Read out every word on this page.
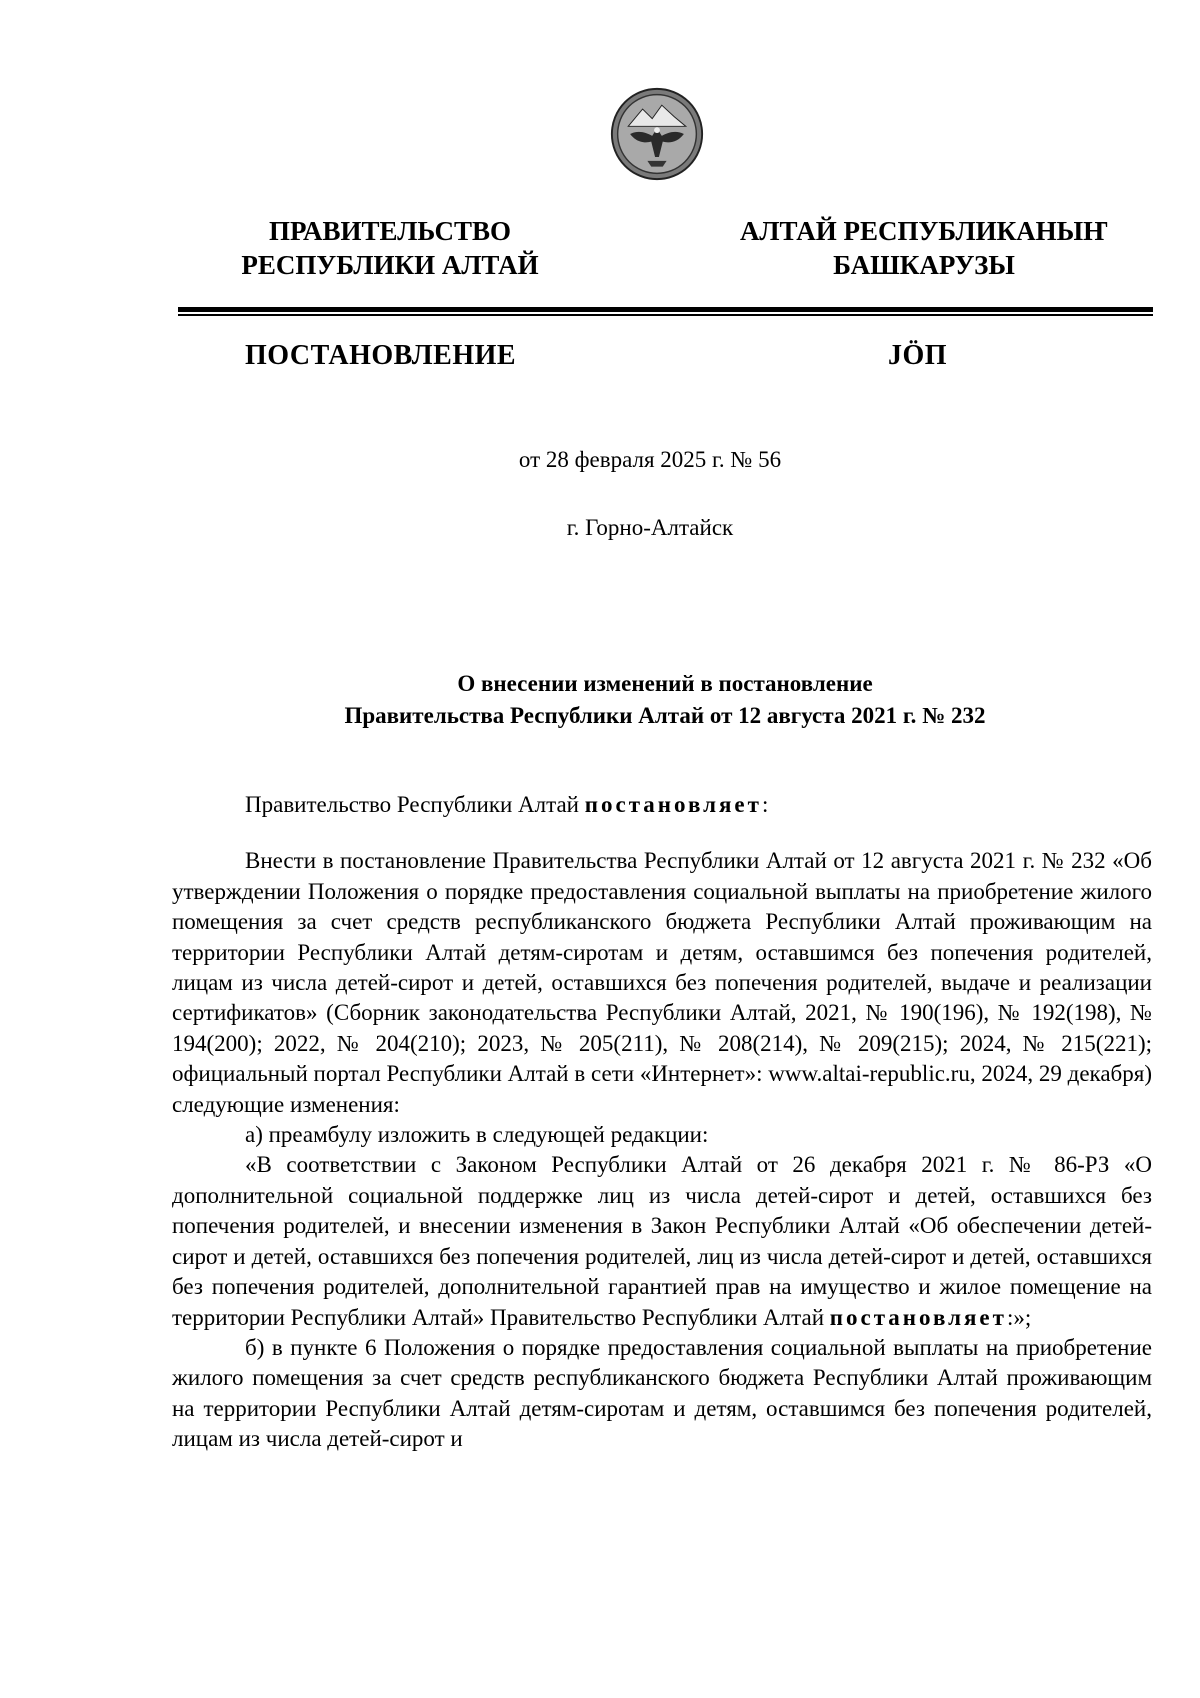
ПРАВИТЕЛЬСТВО
РЕСПУБЛИКИ АЛТАЙ
АЛТАЙ РЕСПУБЛИКАНЫҤ
БАШКАРУЗЫ
ПОСТАНОВЛЕНИЕ	JÖП
от 28 февраля 2025 г. № 56
г. Горно-Алтайск
О внесении изменений в постановление
Правительства Республики Алтай от 12 августа 2021 г. № 232

Правительство Республики Алтай постановляет:

Внести в постановление Правительства Республики Алтай от 12 августа 2021 г. № 232 «Об утверждении Положения о порядке предоставления социальной выплаты на приобретение жилого помещения за счет средств республиканского бюджета Республики Алтай проживающим на территории Республики Алтай детям-сиротам и детям, оставшимся без попечения родителей, лицам из числа детей-сирот и детей, оставшихся без попечения родителей, выдаче и реализации сертификатов» (Сборник законодательства Республики Алтай, 2021, № 190(196), № 192(198), № 194(200); 2022, № 204(210); 2023, № 205(211), № 208(214), № 209(215); 2024, № 215(221); официальный портал Республики Алтай в сети «Интернет»: www.altai-republic.ru, 2024, 29 декабря) следующие изменения:

а) преамбулу изложить в следующей редакции:

«В соответствии с Законом Республики Алтай от 26 декабря 2021 г. № 86-РЗ «О дополнительной социальной поддержке лиц из числа детей-сирот и детей, оставшихся без попечения родителей, и внесении изменения в Закон Республики Алтай «Об обеспечении детей-сирот и детей, оставшихся без попечения родителей, лиц из числа детей-сирот и детей, оставшихся без попечения родителей, дополнительной гарантией прав на имущество и жилое помещение на территории Республики Алтай» Правительство Республики Алтай постановляет:»;

б) в пункте 6 Положения о порядке предоставления социальной выплаты на приобретение жилого помещения за счет средств республиканского бюджета Республики Алтай проживающим на территории Республики Алтай детям-сиротам и детям, оставшимся без попечения родителей, лицам из числа детей-сирот и
